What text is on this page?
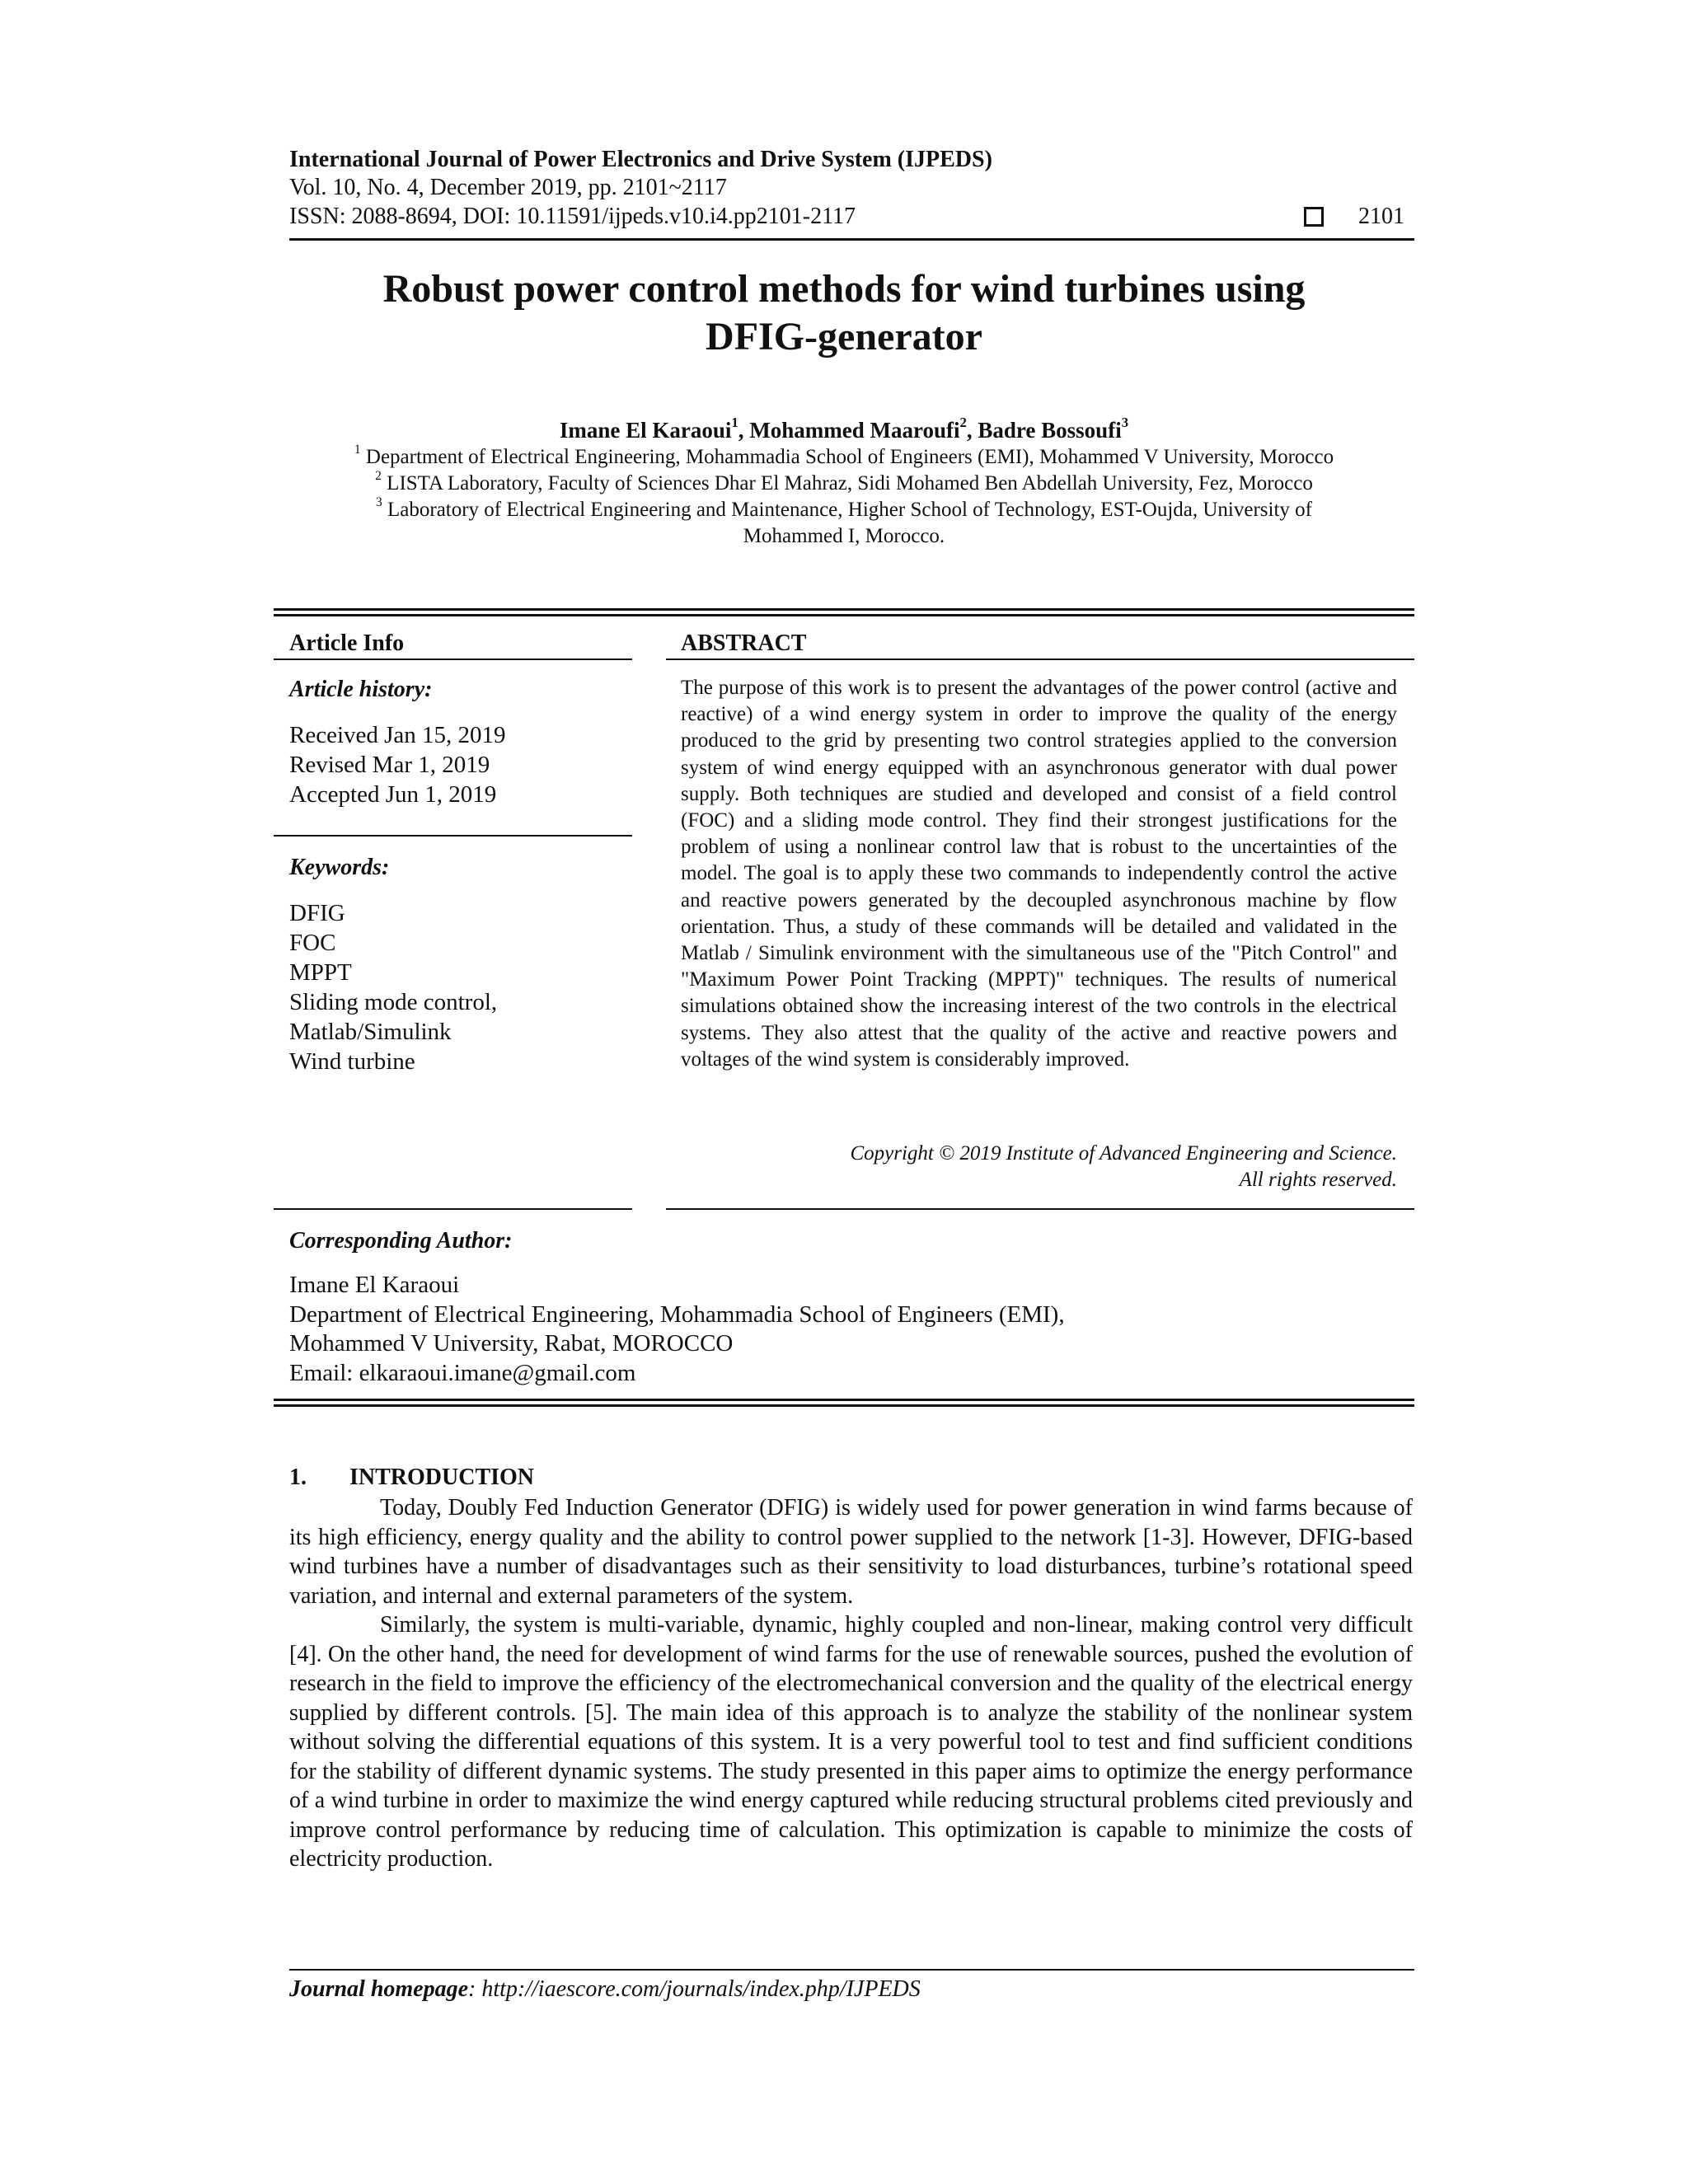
International Journal of Power Electronics and Drive System (IJPEDS)
Vol. 10, No. 4, December 2019, pp. 2101~2117
ISSN: 2088-8694, DOI: 10.11591/ijpeds.v10.i4.pp2101-2117	2101
Robust power control methods for wind turbines using
DFIG-generator
Imane El Karaoui$^1$, Mohammed Maaroufi$^2$, Badre Bossoufi$^3$
$^1$ Department of Electrical Engineering, Mohammadia School of Engineers (EMI), Mohammed V University, Morocco
$^2$ LISTA Laboratory, Faculty of Sciences Dhar El Mahraz, Sidi Mohamed Ben Abdellah University, Fez, Morocco
$^3$ Laboratory of Electrical Engineering and Maintenance, Higher School of Technology, EST-Oujda, University of
Mohammed I, Morocco.
Article Info
Article history:
Received Jan 15, 2019
Revised Mar 1, 2019
Accepted Jun 1, 2019
Keywords:
DFIG
FOC
MPPT
Sliding mode control,
Matlab/Simulink
Wind turbine
ABSTRACT
The purpose of this work is to present the advantages of the power control (active and reactive) of a wind energy system in order to improve the quality of the energy produced to the grid by presenting two control strategies applied to the conversion system of wind energy equipped with an asynchronous generator with dual power supply. Both techniques are studied and developed and consist of a field control (FOC) and a sliding mode control. They find their strongest justifications for the problem of using a nonlinear control law that is robust to the uncertainties of the model. The goal is to apply these two commands to independently control the active and reactive powers generated by the decoupled asynchronous machine by flow orientation. Thus, a study of these commands will be detailed and validated in the Matlab / Simulink environment with the simultaneous use of the "Pitch Control" and "Maximum Power Point Tracking (MPPT)" techniques. The results of numerical simulations obtained show the increasing interest of the two controls in the electrical systems. They also attest that the quality of the active and reactive powers and voltages of the wind system is considerably improved.
Copyright © 2019 Institute of Advanced Engineering and Science.
All rights reserved.
Corresponding Author:
Imane El Karaoui
Department of Electrical Engineering, Mohammadia School of Engineers (EMI),
Mohammed V University, Rabat, MOROCCO
Email: elkaraoui.imane@gmail.com
1.    INTRODUCTION
Today, Doubly Fed Induction Generator (DFIG) is widely used for power generation in wind farms because of its high efficiency, energy quality and the ability to control power supplied to the network [1-3]. However, DFIG-based wind turbines have a number of disadvantages such as their sensitivity to load disturbances, turbine’s rotational speed variation, and internal and external parameters of the system.
Similarly, the system is multi-variable, dynamic, highly coupled and non-linear, making control very difficult [4]. On the other hand, the need for development of wind farms for the use of renewable sources, pushed the evolution of research in the field to improve the efficiency of the electromechanical conversion and the quality of the electrical energy supplied by different controls. [5]. The main idea of this approach is to analyze the stability of the nonlinear system without solving the differential equations of this system. It is a very powerful tool to test and find sufficient conditions for the stability of different dynamic systems. The study presented in this paper aims to optimize the energy performance of a wind turbine in order to maximize the wind energy captured while reducing structural problems cited previously and improve control performance by reducing time of calculation. This optimization is capable to minimize the costs of electricity production.
Journal homepage: http://iaescore.com/journals/index.php/IJPEDS
